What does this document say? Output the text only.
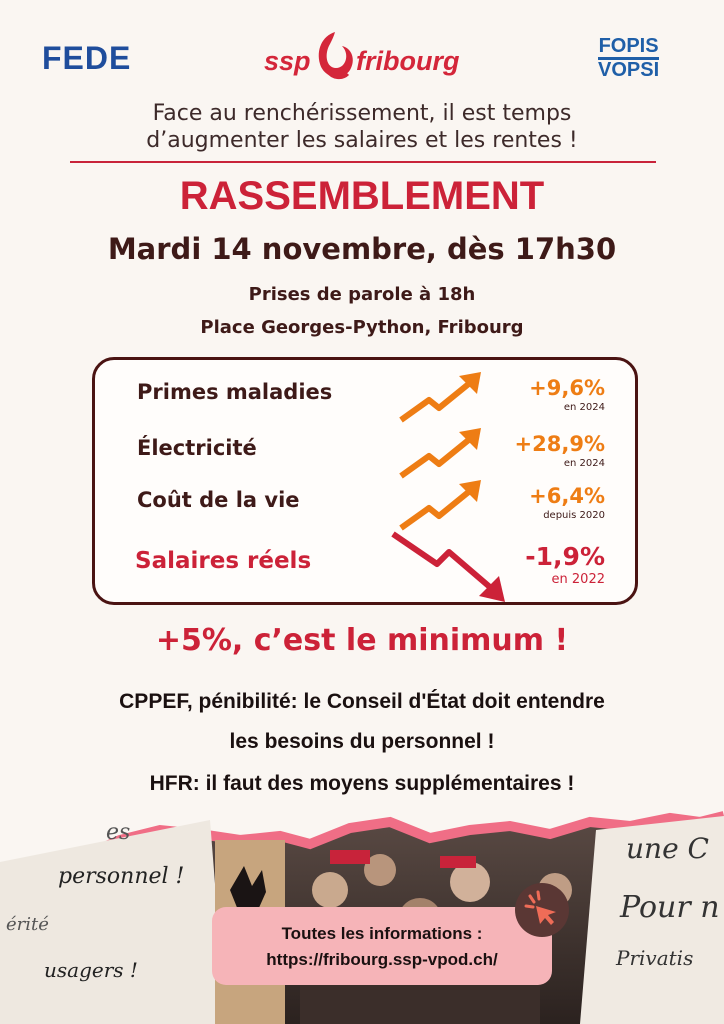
FEDE	ssp fribourg	FOPIS
VOPSI
Face au renchérissement, il est temps
d’augmenter les salaires et les rentes !
RASSEMBLEMENT
Mardi 14 novembre, dès 17h30
Prises de parole à 18h
Place Georges-Python, Fribourg
Primes maladies	+9,6%
en 2024
Électricité	+28,9%
en 2024
Coût de la vie	+6,4%
depuis 2020
Salaires réels	-1,9%
en 2022
+5%, c’est le minimum !
CPPEF, pénibilité: le Conseil d'État doit entendre
les besoins du personnel !
HFR: il faut des moyens supplémentaires !
es
personnel !
érité
usagers !
une C
Pour n
Privatis
Toutes les informations :
https://fribourg.ssp-vpod.ch/
